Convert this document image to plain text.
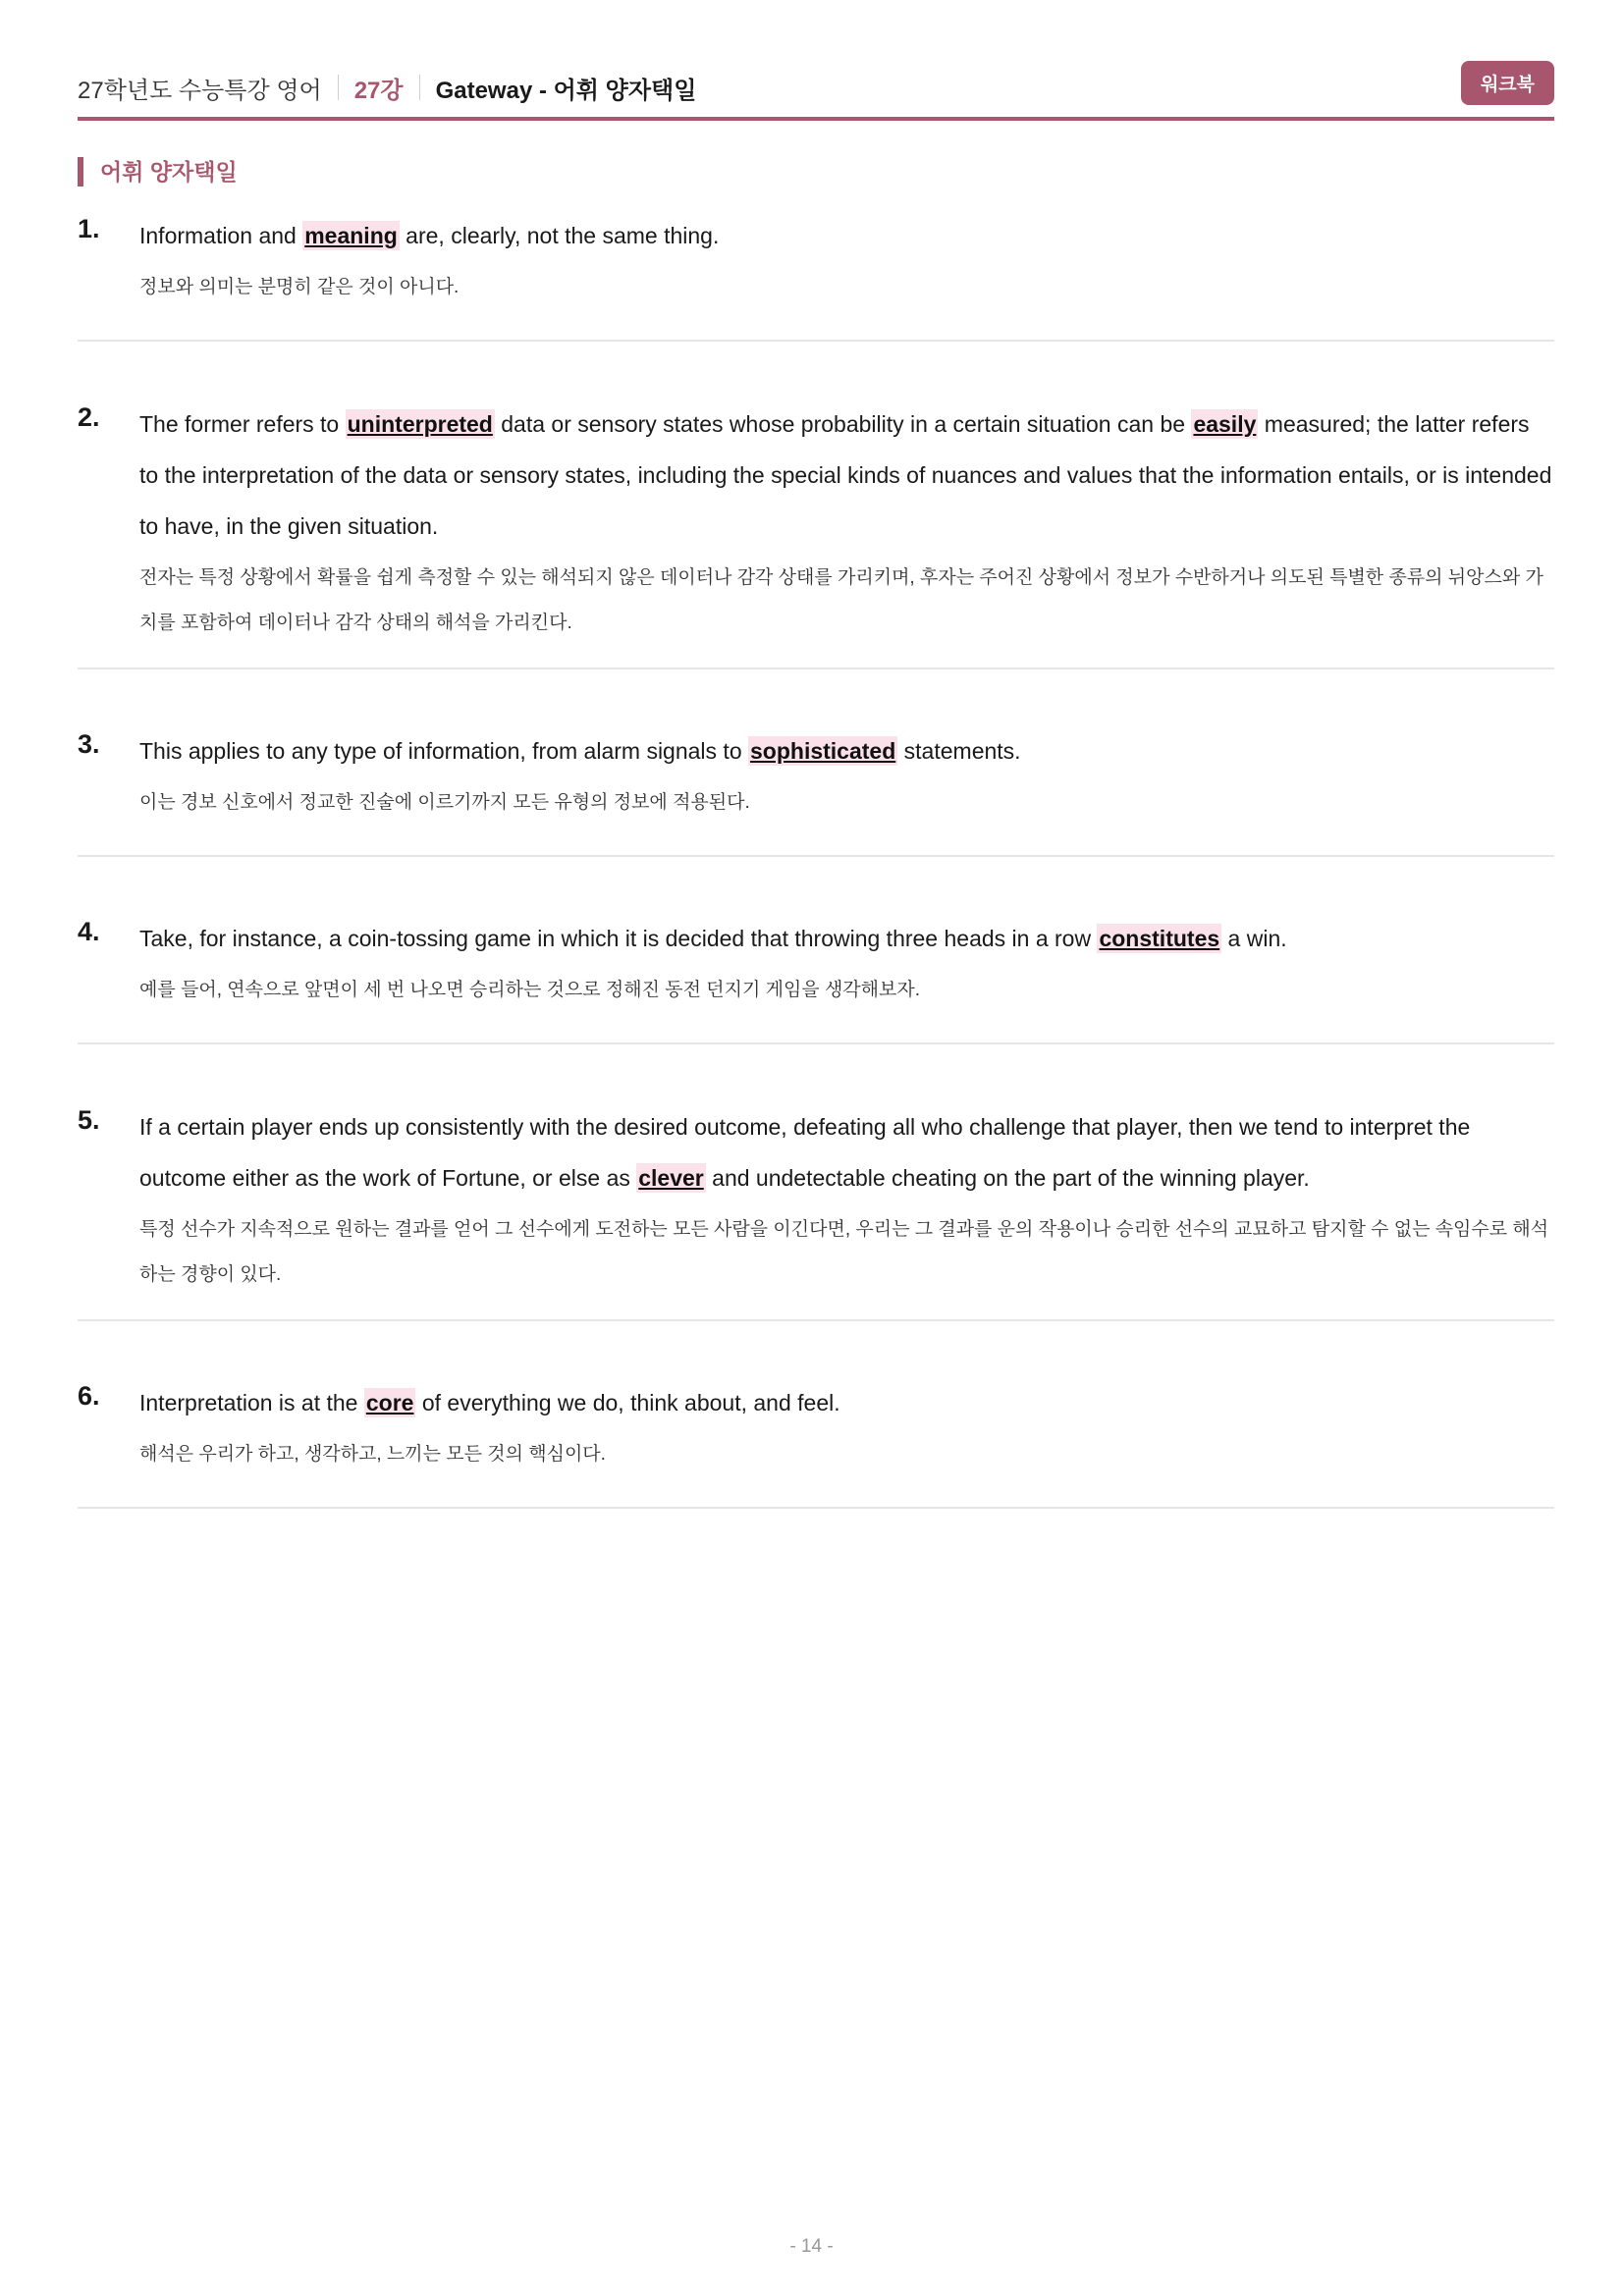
27학년도 수능특강 영어 27강 Gateway - 어휘 양자택일	워크북
어휘 양자택일
1. Information and meaning are, clearly, not the same thing.
정보와 의미는 분명히 같은 것이 아니다.
2. The former refers to uninterpreted data or sensory states whose probability in a certain situation can be easily measured; the latter refers to the interpretation of the data or sensory states, including the special kinds of nuances and values that the information entails, or is intended to have, in the given situation.
전자는 특정 상황에서 확률을 쉽게 측정할 수 있는 해석되지 않은 데이터나 감각 상태를 가리키며, 후자는 주어진 상황에서 정보가 수반하거나 의도된 특별한 종류의 뉘앙스와 가치를 포함하여 데이터나 감각 상태의 해석을 가리킨다.
3. This applies to any type of information, from alarm signals to sophisticated statements.
이는 경보 신호에서 정교한 진술에 이르기까지 모든 유형의 정보에 적용된다.
4. Take, for instance, a coin-tossing game in which it is decided that throwing three heads in a row constitutes a win.
예를 들어, 연속으로 앞면이 세 번 나오면 승리하는 것으로 정해진 동전 던지기 게임을 생각해보자.
5. If a certain player ends up consistently with the desired outcome, defeating all who challenge that player, then we tend to interpret the outcome either as the work of Fortune, or else as clever and undetectable cheating on the part of the winning player.
특정 선수가 지속적으로 원하는 결과를 얻어 그 선수에게 도전하는 모든 사람을 이긴다면, 우리는 그 결과를 운의 작용이나 승리한 선수의 교묘하고 탐지할 수 없는 속임수로 해석하는 경향이 있다.
6. Interpretation is at the core of everything we do, think about, and feel.
해석은 우리가 하고, 생각하고, 느끼는 모든 것의 핵심이다.
- 14 -
